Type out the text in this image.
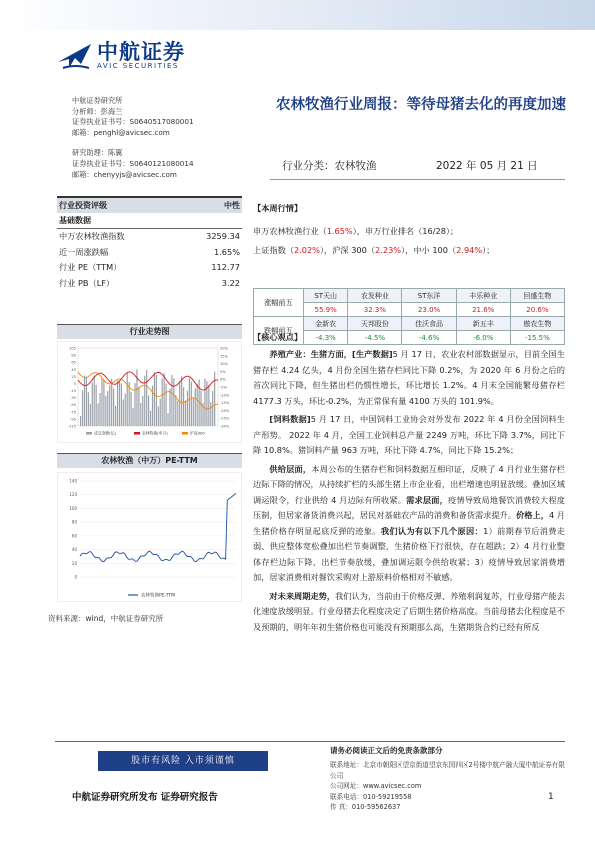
中航证券
AVIC SECURITIES
中航证券研究所
分析师：彭海兰
证券执业证书号：S0640517080001
邮箱：penghl@avicsec.com
研究助理：陈翼
证券执业证书号：S0640121080014
邮箱：chenyyjs@avicsec.com
农林牧渔行业周报：等待母猪去化的再度加速
行业分类：农林牧渔	2022 年 05 月 21 日
行业投资评级	中性
基础数据
中万农林牧渔指数	3259.34
近一周涨跌幅	1.65%
行业 PE（TTM）	112.77
行业 PB（LF）	3.22
行业走势图
105
85
65
45
25
5
-15
-35
-55
-75
-95
-115
20%
15%
10%
5%
0%
-5%
-10%
-15%
-20%
-25%
-30%
成交金额(亿)	农林牧渔(申万)	沪深300
农林牧渔（中万）PE-TTM
140
120
100
80
60
40
20
0
农林牧渔PE-TTM
资料来源：wind，中航证券研究所
【本周行情】
申万农林牧渔行业（1.65%），申万行业排名（16/28）；
上证指数（2.02%），沪深 300（2.23%），中小 100（2.94%）；
涨幅前五	ST天山	农发种业	ST东洋	丰乐种业	回盛生物
	55.9%	32.3%	23.0%	21.6%	20.6%
跌幅前五	金新农	天邦股份	佳沃食品	新五丰	傲农生物
	-4.3%	-4.5%	-4.6%	-6.0%	-15.5%
【核心观点】

养殖产业：生猪方面，[生产数据]5 月 17 日，农业农村部数据显示，目前全国生猪存栏 4.24 亿头，4 月份全国生猪存栏同比下降 0.2%，为 2020 年 6 月份之后的首次同比下降，但生猪出栏仍惯性增长，环比增长 1.2%。4 月末全国能繁母猪存栏 4177.3 万头，环比-0.2%，为正常保有量 4100 万头的 101.9%。

[饲料数据]5 月 17 日，中国饲料工业协会对外发布 2022 年 4 月份全国饲料生产形势。 2022 年 4 月，全国工业饲料总产量 2249 万吨，环比下降 3.7%，同比下降 10.8%。猪饲料产量 963 万吨，环比下降 4.7%，同比下降 15.2%；

供给层面，本周公布的生猪存栏和饲料数据互相印证，反映了 4 月行业生猪存栏边际下降的情况，从持续扩栏的头部生猪上市企业看，出栏增速也明显放缓。叠加区域调运限令，行业供给 4 月边际有所收紧。需求层面，疫情导致局地餐饮消费较大程度压制，但居家备货消费兴起，居民对基础农产品的消费和备货需求提升。价格上，4 月生猪价格存明显起底反弹的迹象。我们认为有以下几个原因：1）前期春节后消费走弱、供应整体宽松叠加出栏节奏调整，生猪价格下行很快，存在超跌；2）4 月行业整体存栏边际下降、出栏节奏放缓，叠加调运限令供给收紧；3）疫情导致居家消费增加，居家消费相对餐饮采购对上游原料价格相对不敏感。

对未来周期走势，我们认为，当前由于价格反弹、养殖利润复苏，行业母猪产能去化速度放缓明显。行业母猪去化程度决定了后期生猪价格高度。当前母猪去化程度是不及预期的，明年年初生猪价格也可能没有预期那么高，生猪期货合约已经有所反

股市有风险 入市须谨慎
中航证券研究所发布 证券研究报告
请务必阅读正文后的免责条款部分
联系地址：北京市朝阳区望京街道望京东园四区2号楼中航产融大厦中航证券有限公司
公司网址：www.avicsec.com
联系电话：010-59219558
传 真：010-59562637
1
